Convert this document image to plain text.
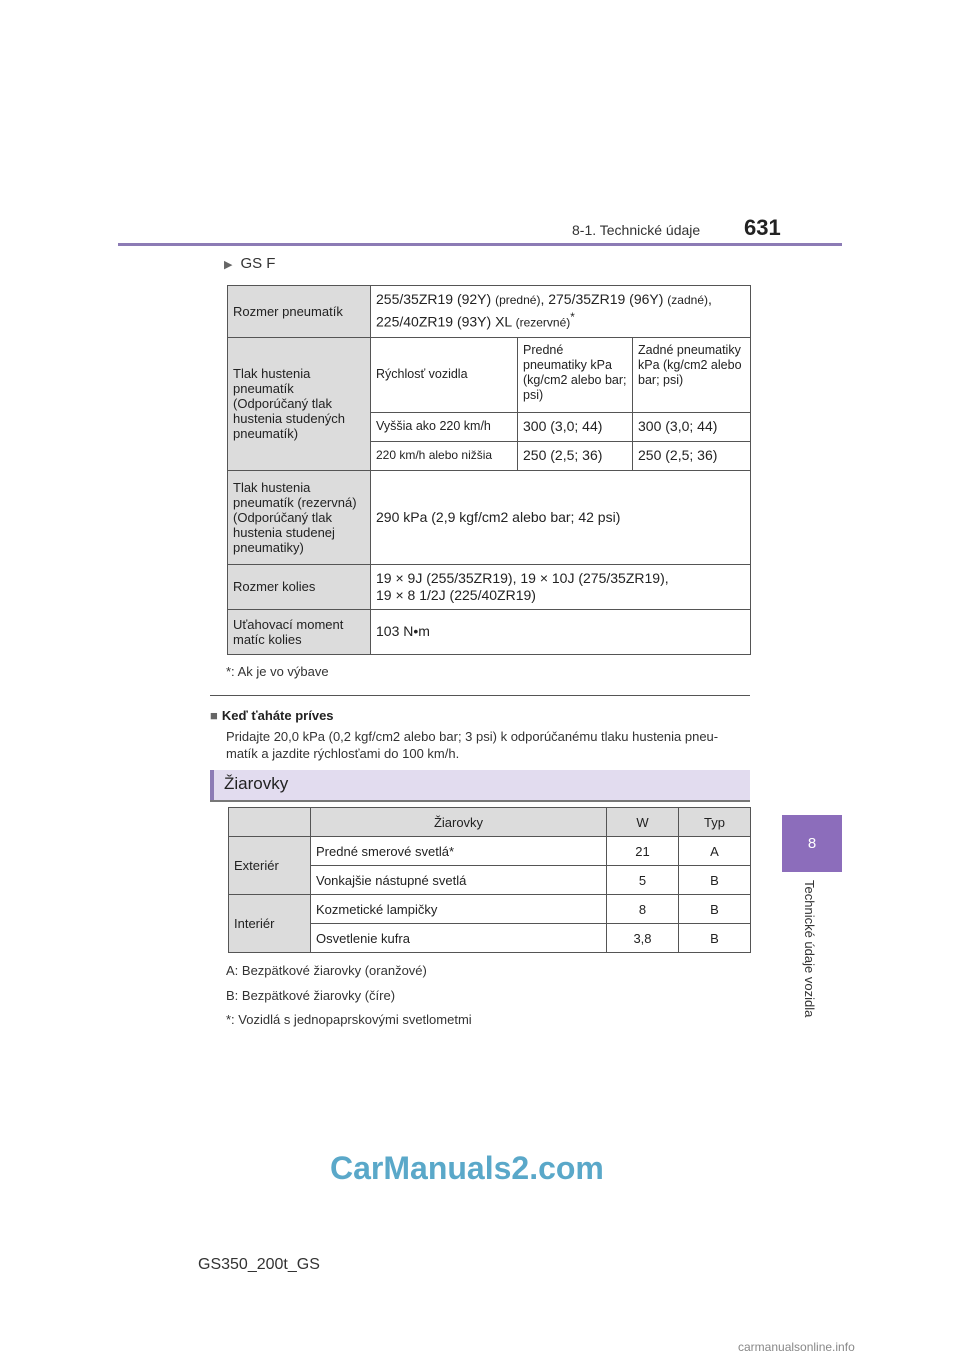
8-1. Technické údaje 631
8
Technické údaje vozidla
▶ GS F
Rozmer pneumatík	255/35ZR19 (92Y) (predné), 275/35ZR19 (96Y) (zadné),
225/40ZR19 (93Y) XL (rezervné)*
Tlak hustenia pneumatík (Odporúčaný tlak hustenia studených pneumatík)	Rýchlosť vozidla	Predné pneumatiky kPa (kg/cm2 alebo bar; psi)	Zadné pneumatiky kPa (kg/cm2 alebo bar; psi)
	Vyššia ako 220 km/h	300 (3,0; 44)	300 (3,0; 44)
	220 km/h alebo nižšia	250 (2,5; 36)	250 (2,5; 36)
Tlak hustenia pneumatík (rezervná) (Odporúčaný tlak hustenia studenej pneumatiky)	290 kPa (2,9 kgf/cm2 alebo bar; 42 psi)		
Rozmer kolies	19 × 9J (255/35ZR19), 19 × 10J (275/35ZR19),
19 × 8 1/2J (225/40ZR19)		

Uťahovací moment matíc kolies	103 N•m		
*: Ak je vo výbave
■ Keď ťaháte príves
Pridajte 20,0 kPa (0,2 kgf/cm2 alebo bar; 3 psi) k odporúčanému tlaku hustenia pneu-matík a jazdite rýchlosťami do 100 km/h.
Žiarovky
	Žiarovky	W	Typ
Exteriér	Predné smerové svetlá*	21	A
	Vonkajšie nástupné svetlá	5	B
Interiér	Kozmetické lampičky	8	B
	Osvetlenie kufra	3,8	B
A: Bezpätkové žiarovky (oranžové)
B: Bezpätkové žiarovky (číre)
*: Vozidlá s jednopaprskovými svetlometmi
CarManuals2.com
GS350_200t_GS
carmanualsonline.info
